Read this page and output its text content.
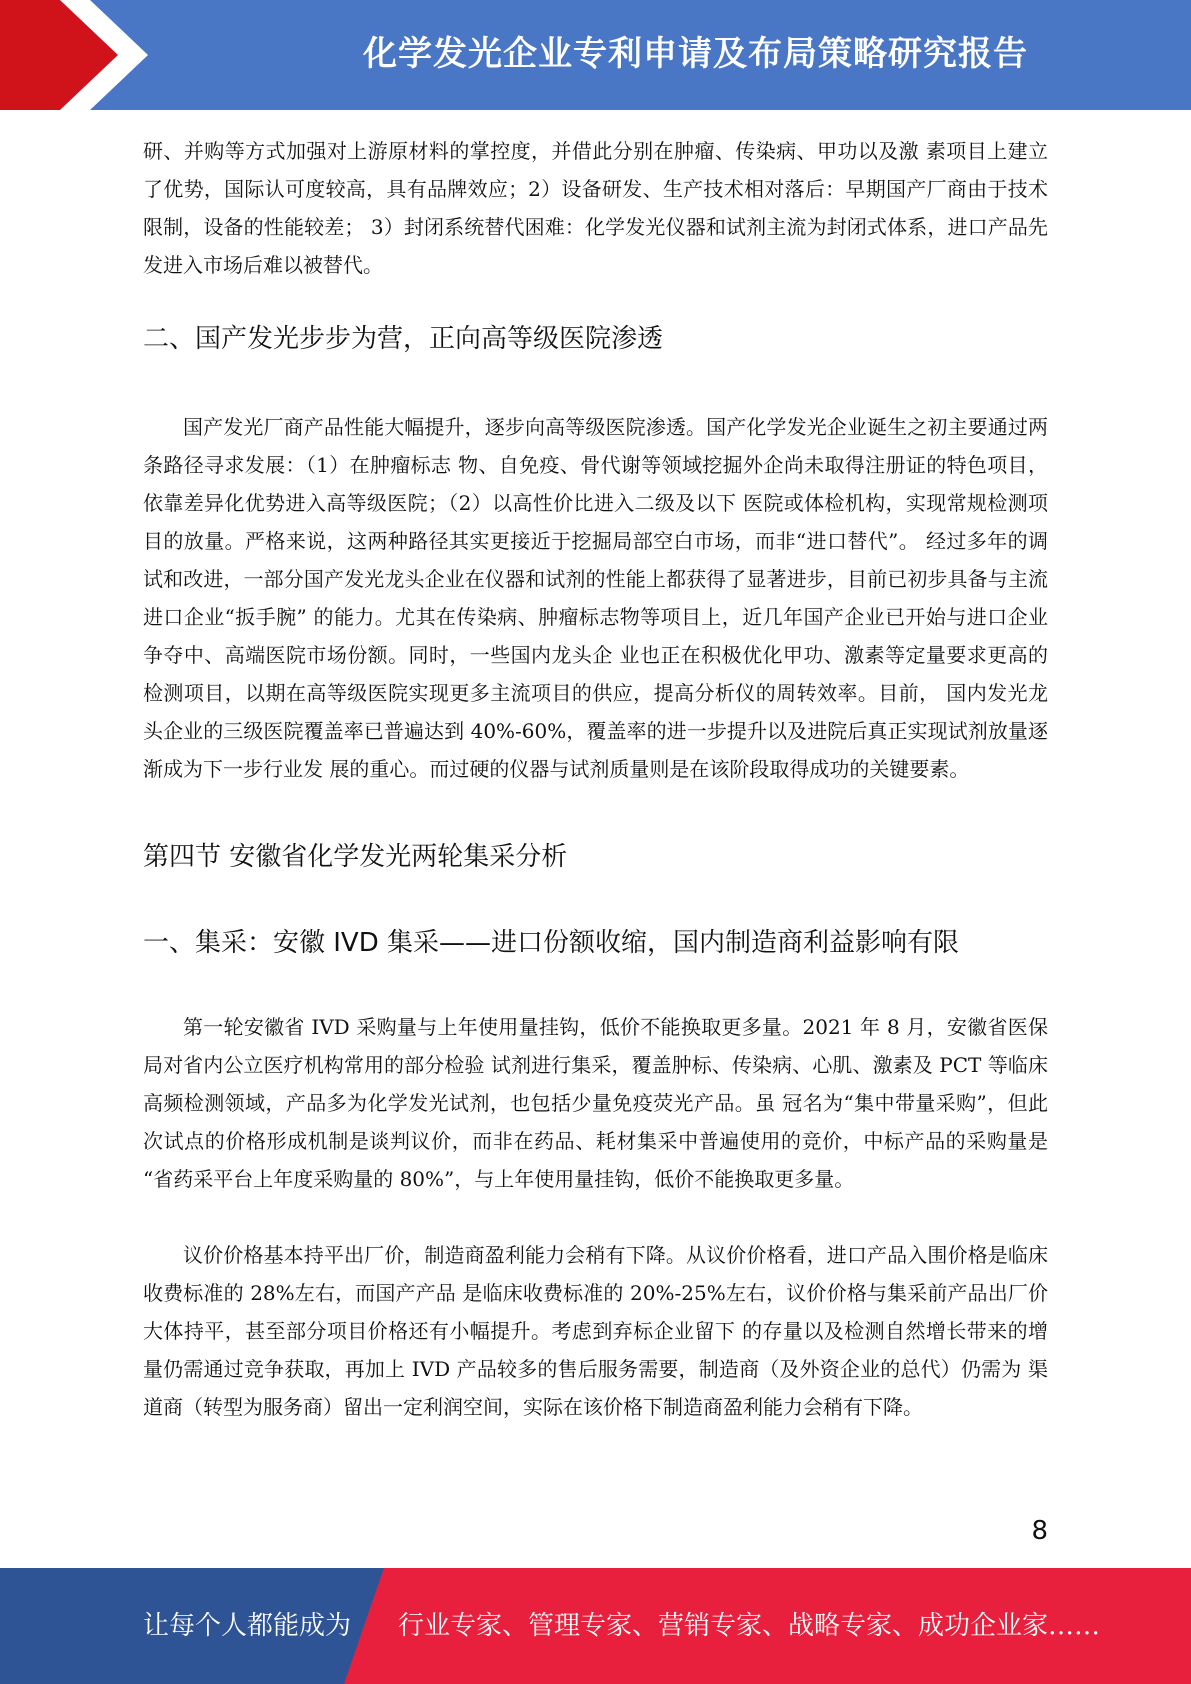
化学发光企业专利申请及布局策略研究报告

研、并购等方式加强对上游原材料的掌控度，并借此分别在肿瘤、传染病、甲功以及激 素项目上建立了优势，国际认可度较高，具有品牌效应；2）设备研发、生产技术相对落后：早期国产厂商由于技术限制，设备的性能较差； 3）封闭系统替代困难：化学发光仪器和试剂主流为封闭式体系，进口产品先发进入市场后难以被替代。

二、国产发光步步为营，正向高等级医院渗透

国产发光厂商产品性能大幅提升，逐步向高等级医院渗透。国产化学发光企业诞生之初主要通过两条路径寻求发展：（1）在肿瘤标志 物、自免疫、骨代谢等领域挖掘外企尚未取得注册证的特色项目，依靠差异化优势进入高等级医院；（2）以高性价比进入二级及以下 医院或体检机构，实现常规检测项目的放量。严格来说，这两种路径其实更接近于挖掘局部空白市场，而非“进口替代”。 经过多年的调试和改进，一部分国产发光龙头企业在仪器和试剂的性能上都获得了显著进步，目前已初步具备与主流进口企业“扳手腕” 的能力。尤其在传染病、肿瘤标志物等项目上，近几年国产企业已开始与进口企业争夺中、高端医院市场份额。同时，一些国内龙头企 业也正在积极优化甲功、激素等定量要求更高的检测项目，以期在高等级医院实现更多主流项目的供应，提高分析仪的周转效率。目前， 国内发光龙头企业的三级医院覆盖率已普遍达到 40%-60%，覆盖率的进一步提升以及进院后真正实现试剂放量逐渐成为下一步行业发 展的重心。而过硬的仪器与试剂质量则是在该阶段取得成功的关键要素。

第四节 安徽省化学发光两轮集采分析
一、集采：安徽 IVD 集采——进口份额收缩，国内制造商利益影响有限

第一轮安徽省 IVD 采购量与上年使用量挂钩，低价不能换取更多量。2021 年 8 月，安徽省医保局对省内公立医疗机构常用的部分检验 试剂进行集采，覆盖肿标、传染病、心肌、激素及 PCT 等临床高频检测领域，产品多为化学发光试剂，也包括少量免疫荧光产品。虽 冠名为“集中带量采购”，但此次试点的价格形成机制是谈判议价，而非在药品、耗材集采中普遍使用的竞价，中标产品的采购量是 “省药采平台上年度采购量的 80%”，与上年使用量挂钩，低价不能换取更多量。

议价价格基本持平出厂价，制造商盈利能力会稍有下降。从议价价格看，进口产品入围价格是临床收费标准的 28%左右，而国产产品 是临床收费标准的 20%-25%左右，议价价格与集采前产品出厂价大体持平，甚至部分项目价格还有小幅提升。考虑到弃标企业留下 的存量以及检测自然增长带来的增量仍需通过竞争获取，再加上 IVD 产品较多的售后服务需要，制造商（及外资企业的总代）仍需为 渠道商（转型为服务商）留出一定利润空间，实际在该价格下制造商盈利能力会稍有下降。

8
让每个人都能成为 行业专家、管理专家、营销专家、战略专家、成功企业家……
